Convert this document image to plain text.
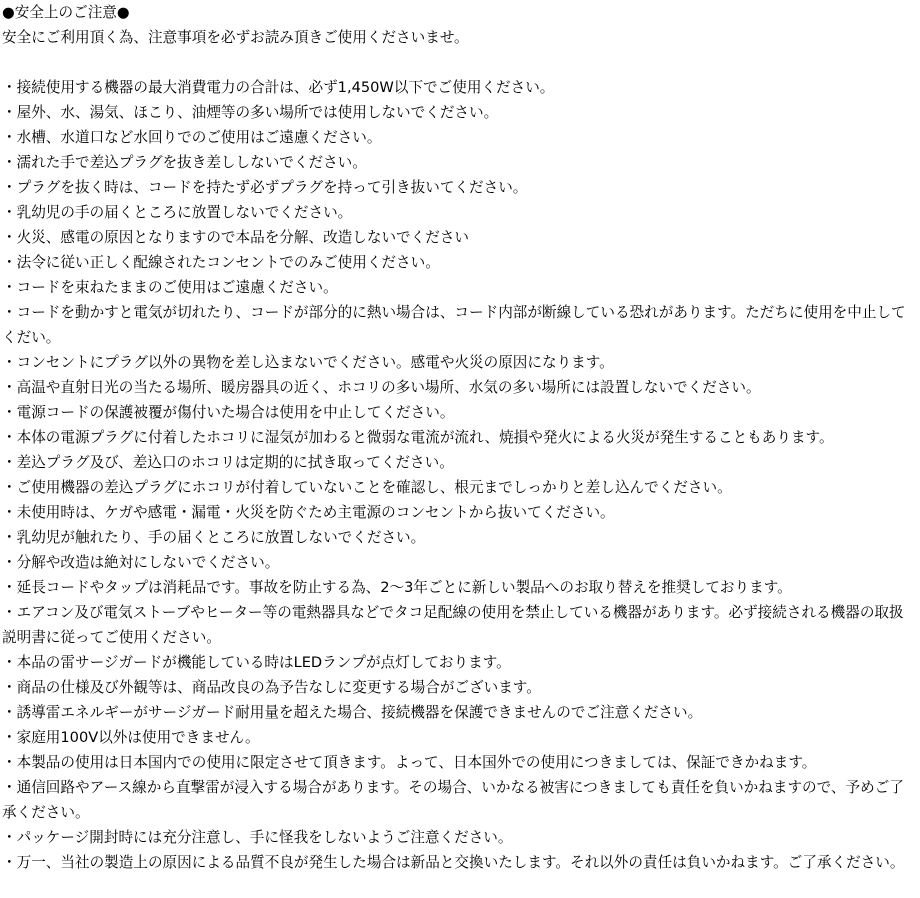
●安全上のご注意●

安全にご利用頂く為、注意事項を必ずお読み頂きご使用くださいませ。

・接続使用する機器の最大消費電力の合計は、必ず1,450W以下でご使用ください。

・屋外、水、湯気、ほこり、油煙等の多い場所では使用しないでください。

・水槽、水道口など水回りでのご使用はご遠慮ください。

・濡れた手で差込プラグを抜き差ししないでください。

・プラグを抜く時は、コードを持たず必ずプラグを持って引き抜いてください。

・乳幼児の手の届くところに放置しないでください。

・火災、感電の原因となりますので本品を分解、改造しないでください

・法令に従い正しく配線されたコンセントでのみご使用ください。

・コードを束ねたままのご使用はご遠慮ください。

・コードを動かすと電気が切れたり、コードが部分的に熱い場合は、コード内部が断線している恐れがあります。ただちに使用を中止してくだい。

・コンセントにプラグ以外の異物を差し込まないでください。感電や火災の原因になります。

・高温や直射日光の当たる場所、暖房器具の近く、ホコリの多い場所、水気の多い場所には設置しないでください。

・電源コードの保護被覆が傷付いた場合は使用を中止してください。

・本体の電源プラグに付着したホコリに湿気が加わると微弱な電流が流れ、焼損や発火による火災が発生することもあります。

・差込プラグ及び、差込口のホコリは定期的に拭き取ってください。

・ご使用機器の差込プラグにホコリが付着していないことを確認し、根元までしっかりと差し込んでください。

・未使用時は、ケガや感電・漏電・火災を防ぐため主電源のコンセントから抜いてください。

・乳幼児が触れたり、手の届くところに放置しないでください。

・分解や改造は絶対にしないでください。

・延長コードやタップは消耗品です。事故を防止する為、2～3年ごとに新しい製品へのお取り替えを推奨しております。

・エアコン及び電気ストーブやヒーター等の電熱器具などでタコ足配線の使用を禁止している機器があります。必ず接続される機器の取扱説明書に従ってご使用ください。

・本品の雷サージガードが機能している時はLEDランプが点灯しております。

・商品の仕様及び外観等は、商品改良の為予告なしに変更する場合がございます。

・誘導雷エネルギーがサージガード耐用量を超えた場合、接続機器を保護できませんのでご注意ください。

・家庭用100V以外は使用できません。

・本製品の使用は日本国内での使用に限定させて頂きます。よって、日本国外での使用につきましては、保証できかねます。

・通信回路やアース線から直撃雷が浸入する場合があります。その場合、いかなる被害につきましても責任を負いかねますので、予めご了承ください。

・パッケージ開封時には充分注意し、手に怪我をしないようご注意ください。

・万一、当社の製造上の原因による品質不良が発生した場合は新品と交換いたします。それ以外の責任は負いかねます。ご了承ください。
